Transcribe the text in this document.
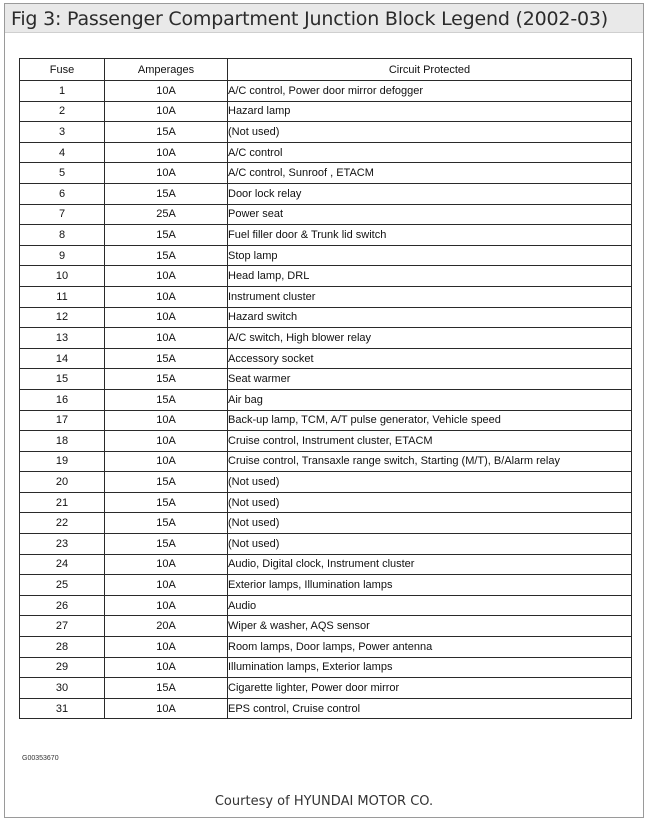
Fig 3: Passenger Compartment Junction Block Legend (2002-03)
Fuse	Amperages	Circuit Protected
1	10A	A/C control, Power door mirror defogger
2	10A	Hazard lamp
3	15A	(Not used)
4	10A	A/C control
5	10A	A/C control, Sunroof , ETACM
6	15A	Door lock relay
7	25A	Power seat
8	15A	Fuel filler door & Trunk lid switch
9	15A	Stop lamp
10	10A	Head lamp, DRL
11	10A	Instrument cluster
12	10A	Hazard switch
13	10A	A/C switch, High blower relay
14	15A	Accessory socket
15	15A	Seat warmer
16	15A	Air bag
17	10A	Back-up lamp, TCM, A/T pulse generator, Vehicle speed
18	10A	Cruise control, Instrument cluster, ETACM
19	10A	Cruise control, Transaxle range switch, Starting (M/T), B/Alarm relay
20	15A	(Not used)
21	15A	(Not used)
22	15A	(Not used)
23	15A	(Not used)
24	10A	Audio, Digital clock, Instrument cluster
25	10A	Exterior lamps, Illumination lamps
26	10A	Audio
27	20A	Wiper & washer, AQS sensor
28	10A	Room lamps, Door lamps, Power antenna
29	10A	Illumination lamps, Exterior lamps
30	15A	Cigarette lighter, Power door mirror
31	10A	EPS control, Cruise control
G00353670
Courtesy of HYUNDAI MOTOR CO.
